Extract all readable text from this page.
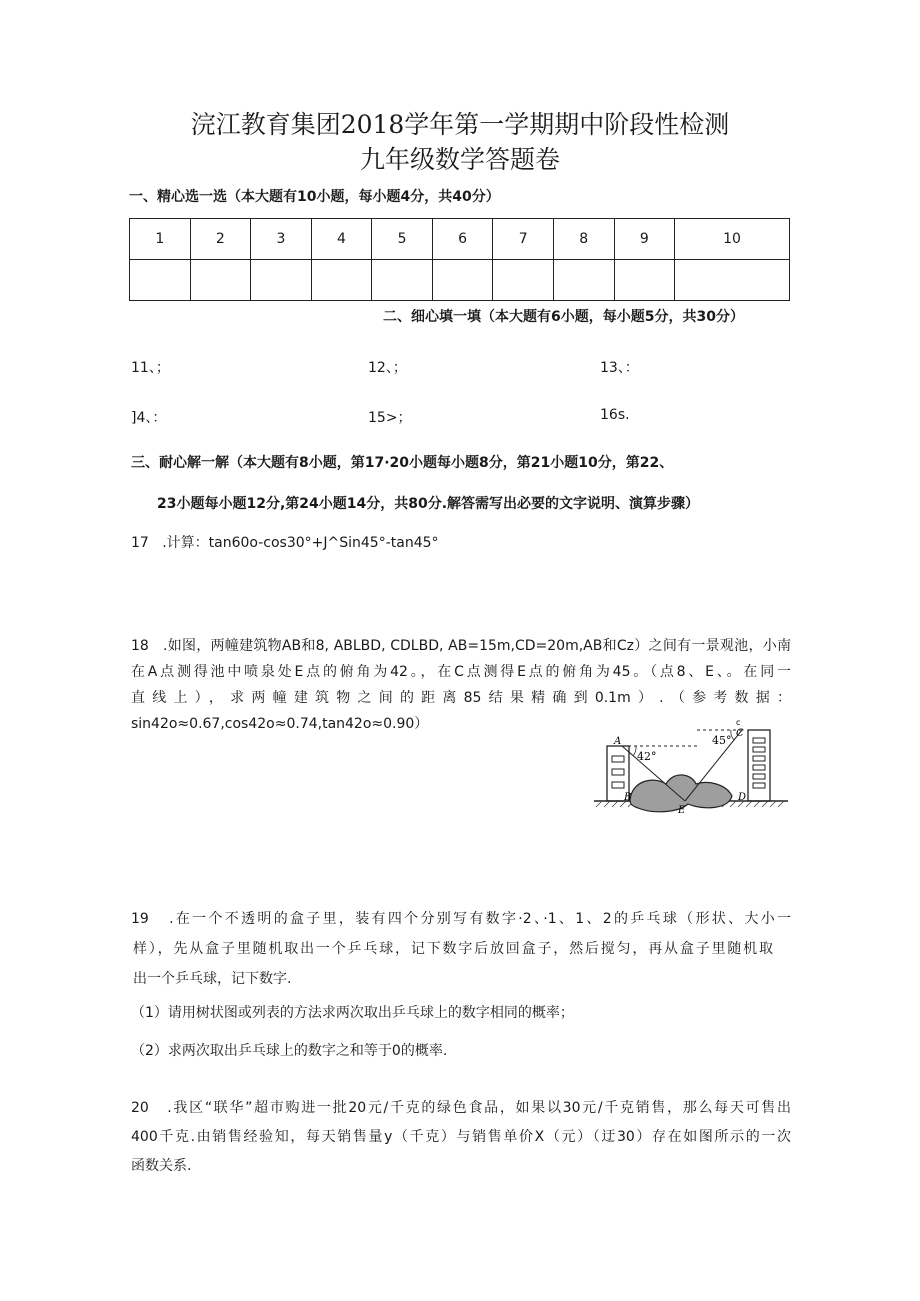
浣江教育集团2018学年第一学期期中阶段性检测
九年级数学答题卷
一、精心选一选（本大题有10小题，每小题4分，共40分）
1	2	3	4	5	6	7	8	9	10

二、细心填一填（本大题有6小题，每小题5分，共30分）
11、；	12、；	13、：
]4、：	15>；	16s.
三、耐心解一解（本大题有8小题，第17·20小题每小题8分，第21小题10分，第22、
23小题每小题12分,第24小题14分，共80分.解答需写出必要的文字说明、演算步骤）
17 .计算：tan60o-cos30°+J^Sin45°-tan45°
18 .如图，两幢建筑物AB和8, ABLBD, CDLBD, AB=15m,CD=20m,AB和Cz）之间有一景观池，小南
在A点测得池中喷泉处E点的俯角为42。，在C点测得E点的俯角为45。（点8、E、。在同一
直线上），求两幢建筑物之间的距离85结果精确到0.1m）.（参考数据：
sin42o≈0.67,cos42o≈0.74,tan42o≈0.90）
A
42°
45°
c
C
B	D
E
19 .在一个不透明的盒子里，装有四个分别写有数字·2、·1、1、2的乒乓球（形状、大小一
样），先从盒子里随机取出一个乒乓球，记下数字后放回盒子，然后搅匀，再从盒子里随机取
出一个乒乓球，记下数字.
（1）请用树状图或列表的方法求两次取出乒乓球上的数字相同的概率；
（2）求两次取出乒乓球上的数字之和等于0的概率.
20 .我区“联华”超市购进一批20元/千克的绿色食品，如果以30元/千克销售，那么每天可售出
400千克.由销售经验知，每天销售量y（千克）与销售单价X（元）（迂30）存在如图所示的一次
函数关系.
